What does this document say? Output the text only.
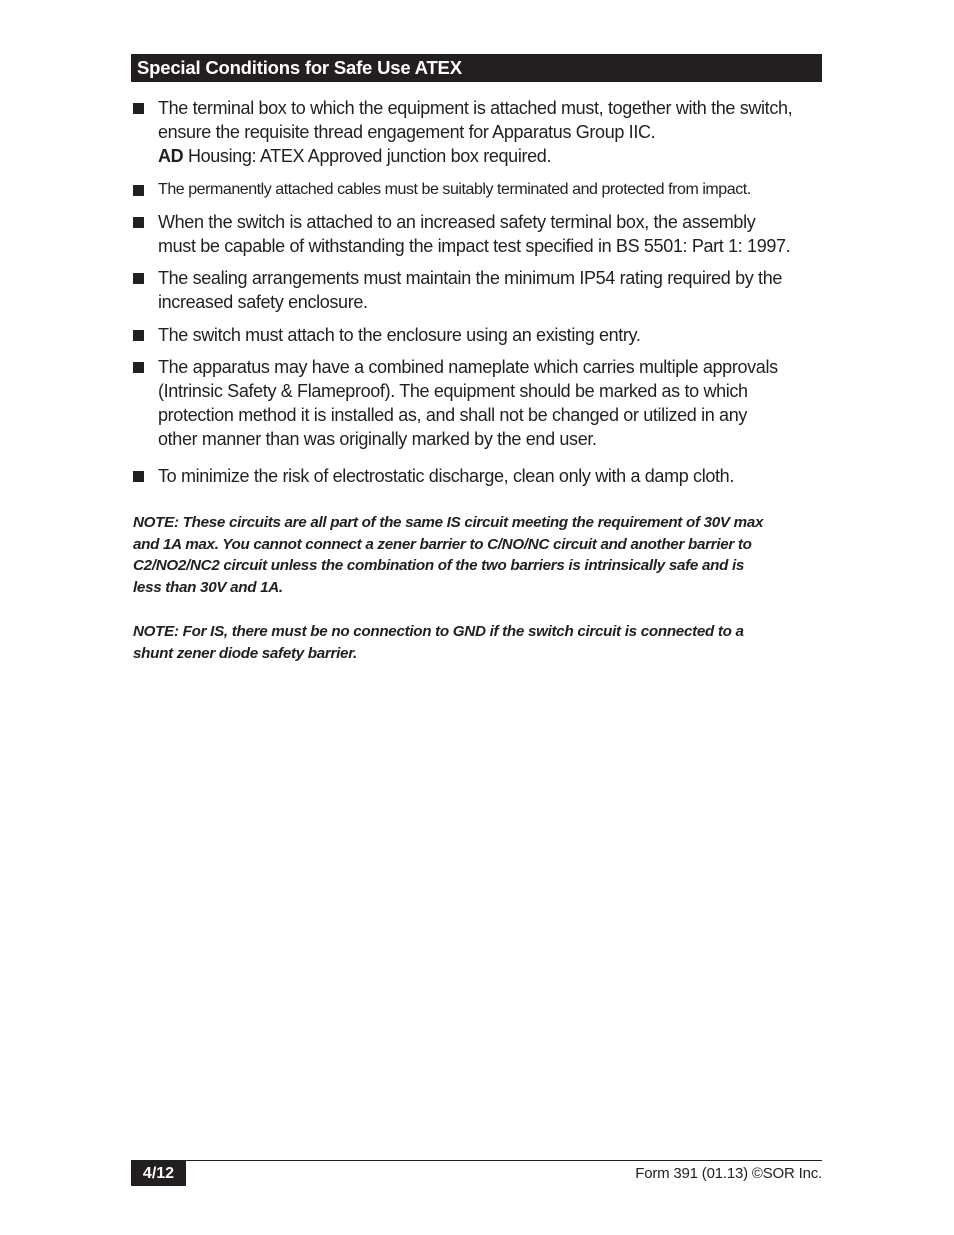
Special Conditions for Safe Use ATEX
The terminal box to which the equipment is attached must, together with the switch,
ensure the requisite thread engagement for Apparatus Group IIC.
AD Housing: ATEX Approved junction box required.
The permanently attached cables must be suitably terminated and protected from impact.
When the switch is attached to an increased safety terminal box, the assembly
must be capable of withstanding the impact test specified in BS 5501: Part 1: 1997.
The sealing arrangements must maintain the minimum IP54 rating required by the
increased safety enclosure.
The switch must attach to the enclosure using an existing entry.
The apparatus may have a combined nameplate which carries multiple approvals
(Intrinsic Safety & Flameproof). The equipment should be marked as to which
protection method it is installed as, and shall not be changed or utilized in any
other manner than was originally marked by the end user.
To minimize the risk of electrostatic discharge, clean only with a damp cloth.
NOTE: These circuits are all part of the same IS circuit meeting the requirement of 30V max
and 1A max. You cannot connect a zener barrier to C/NO/NC circuit and another barrier to
C2/NO2/NC2 circuit unless the combination of the two barriers is intrinsically safe and is
less than 30V and 1A.
NOTE: For IS, there must be no connection to GND if the switch circuit is connected to a
shunt zener diode safety barrier.
4/12	Form 391 (01.13) ©SOR Inc.
